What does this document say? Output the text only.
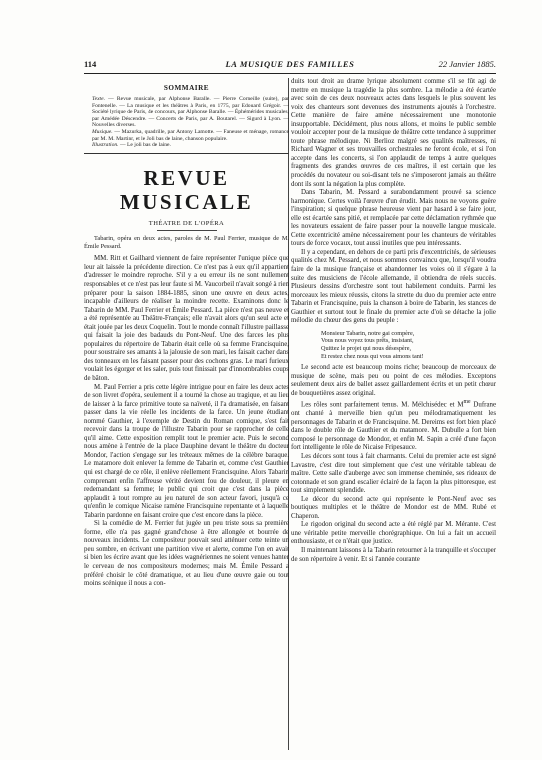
114	LA MUSIQUE DES FAMILLES	22 Janvier 1885.
SOMMAIRE

Texte. — Revue musicale, par Alphonse Baralle. — Pierre Corneille (suite), par Fontenelle. — La musique et les théâtres à Paris, en 1775, par Edouard Grégoir. — Société lyrique de Paris, 4e concours, par Alphonse Baralle. — Éphémérides musicales, par Amédée Déscendre. — Concerts de Paris, par A. Boutarel. — Sigurd à Lyon. — Nouvelles diverses.

Musique. — Mazurka, quadrille, par Antony Lamotte. — Faneuse et ménage, romance par M. M. Martinr, et le Joli bas de laine, chanson populaire.

Illustration. — Le joli bas de laine.

REVUE MUSICALE
THÉATRE DE L'OPÉRA

Tabarin, opéra en deux actes, paroles de M. Paul Ferrier, musique de M. Émile Pessard.

MM. Ritt et Gailhard viennent de faire représenter l'unique pièce que leur ait laissée la précédente direction. Ce n'est pas à eux qu'il appartient d'adresser le moindre reproche. S'il y a eu erreur ils ne sont nullement responsables et ce n'est pas leur faute si M. Vaucorbeil n'avait songé à rien préparer pour la saison 1884-1885, sinon une œuvre en deux actes, incapable d'ailleurs de réaliser la moindre recette. Examinons donc le Tabarin de MM. Paul Ferrier et Émile Pessard. La pièce n'est pas neuve et a été représentée au Théâtre-Français; elle n'avait alors qu'un seul acte et était jouée par les deux Coquelin. Tout le monde connaît l'illustre paillasse qui faisait la joie des badauds du Pont-Neuf. Une des farces les plus populaires du répertoire de Tabarin était celle où sa femme Francisquine, pour soustraire ses amants à la jalousie de son mari, les faisait cacher dans des tonneaux en les faisant passer pour des cochons gras. Le mari furieux voulait les égorger et les saler, puis tout finissait par d'innombrables coups de bâton.

M. Paul Ferrier a pris cette légère intrigue pour en faire les deux actes de son livret d'opéra, seulement il a tourné la chose au tragique, et au lieu de laisser à la farce primitive toute sa naïveté, il l'a dramatisée, en faisant passer dans la vie réelle les incidents de la farce. Un jeune étudiant nommé Gauthier, à l'exemple de Destin du Roman comique, s'est fait recevoir dans la troupe de l'illustre Tabarin pour se rapprocher de celle qu'il aime. Cette exposition remplit tout le premier acte. Puis le second nous amène à l'entrée de la place Dauphine devant le théâtre du docteur Mondor, l'action s'engage sur les tréteaux mêmes de la célèbre baraque. Le matamore doit enlever la femme de Tabarin et, comme c'est Gauthier qui est chargé de ce rôle, il enlève réellement Francisquine. Alors Tabarin comprenant enfin l'affreuse vérité devient fou de douleur, il pleure en redemandant sa femme; le public qui croit que c'est dans la pièce applaudit à tout rompre au jeu naturel de son acteur favori, jusqu'à ce qu'enfin le comique Nicaise ramène Francisquine repentante et à laquelle Tabarin pardonne en faisant croire que c'est encore dans la pièce.

Si la comédie de M. Ferrier fut jugée un peu triste sous sa première forme, elle n'a pas gagné grand'chose à être allongée et bourrée de nouveaux incidents. Le compositeur pouvait seul atténuer cette teinte un peu sombre, en écrivant une partition vive et alerte, comme l'on en avait si bien les écrire avant que les idées wagnériennes ne soient venues hanter le cerveau de nos compositeurs modernes; mais M. Émile Pessard a préféré choisir le côté dramatique, et au lieu d'une œuvre gaie ou tout moins scénique il nous a con-

duits tout droit au drame lyrique absolument comme s'il se fût agi de mettre en musique la tragédie la plus sombre. La mélodie a été écartée avec soin de ces deux nouveaux actes dans lesquels le plus souvent les voix des chanteurs sont devenues des instruments ajoutés à l'orchestre. Cette manière de faire amène nécessairement une monotonie insupportable. Décidément, plus nous allons, et moins le public semble vouloir accepter pour de la musique de théâtre cette tendance à supprimer toute phrase mélodique. Ni Berlioz malgré ses qualités maîtresses, ni Richard Wagner et ses trouvailles orchestrales ne feront école, et si l'on accepte dans les concerts, si l'on applaudit de temps à autre quelques fragments des grandes œuvres de ces maîtres, il est certain que les procédés du novateur ou soi-disant tels ne s'imposeront jamais au théâtre dont ils sont la négation la plus complète.

Dans Tabarin, M. Pessard a surabondamment prouvé sa science harmonique. Certes voilà l'œuvre d'un érudit. Mais nous ne voyons guère l'inspiration; si quelque phrase heureuse vient par hasard à se faire jour, elle est écartée sans pitié, et remplacée par cette déclamation rythmée que les novateurs essaient de faire passer pour la nouvelle langue musicale. Cette excentricité amène nécessairement pour les chanteurs de véritables tours de force vocaux, tout aussi inutiles que peu intéressants.

Il y a cependant, en dehors de ce parti pris d'excentricités, de sérieuses qualités chez M. Pessard, et nous sommes convaincu que, lorsqu'il voudra faire de la musique française et abandonner les voies où il s'égare à la suite des musiciens de l'école allemande, il obtiendra de réels succès. Plusieurs dessins d'orchestre sont tout habilement conduits. Parmi les morceaux les mieux réussis, citons la strette du duo du premier acte entre Tabarin et Francisquine, puis la chanson à boire de Tabarin, les stances de Gauthier et surtout tout le finale du premier acte d'où se détache la jolie mélodie du chœur des gens du peuple :

Monsieur Tabarin, notre gai compère,
Vous nous voyez tous prêts, insistant,
Quittez le projet qui nous désespère,
Et restez chez nous qui vous aimons tant!

Le second acte est beaucoup moins riche; beaucoup de morceaux de musique de scène, mais peu ou point de ces mélodies. Exceptons seulement deux airs de ballet assez gaillardement écrits et un petit chœur de bouquetières assez original.

Les rôles sont parfaitement tenus. M. Mélchisédec et $M^{me}$ Dufrane ont chanté à merveille bien qu'un peu mélodramatiquement les personnages de Tabarin et de Francisquine. M. Dereims est fort bien placé dans le double rôle de Gauthier et du matamore. M. Dubulle a fort bien composé le personnage de Mondor, et enfin M. Sapin a créé d'une façon fort intelligente le rôle de Nicaise Fripesauce.

Les décors sont tous à fait charmants. Celui du premier acte est signé Lavastre, c'est dire tout simplement que c'est une véritable tableau de maître. Cette salle d'auberge avec son immense cheminée, ses rideaux de cotonnade et son grand escalier éclairé de la façon la plus pittoresque, est tout simplement splendide.

Le décor du second acte qui représente le Pont-Neuf avec ses boutiques multiples et le théâtre de Mondor est de MM. Rubé et Chaperon.

Le rigodon original du second acte a été réglé par M. Mérante. C'est une véritable petite merveille chorégraphique. On lui a fait un accueil enthousiaste, et ce n'était que justice.

Il maintenant laissons à la Tabarin retourner à la tranquille et s'occuper de son répertoire à venir. Et si l'année courante
